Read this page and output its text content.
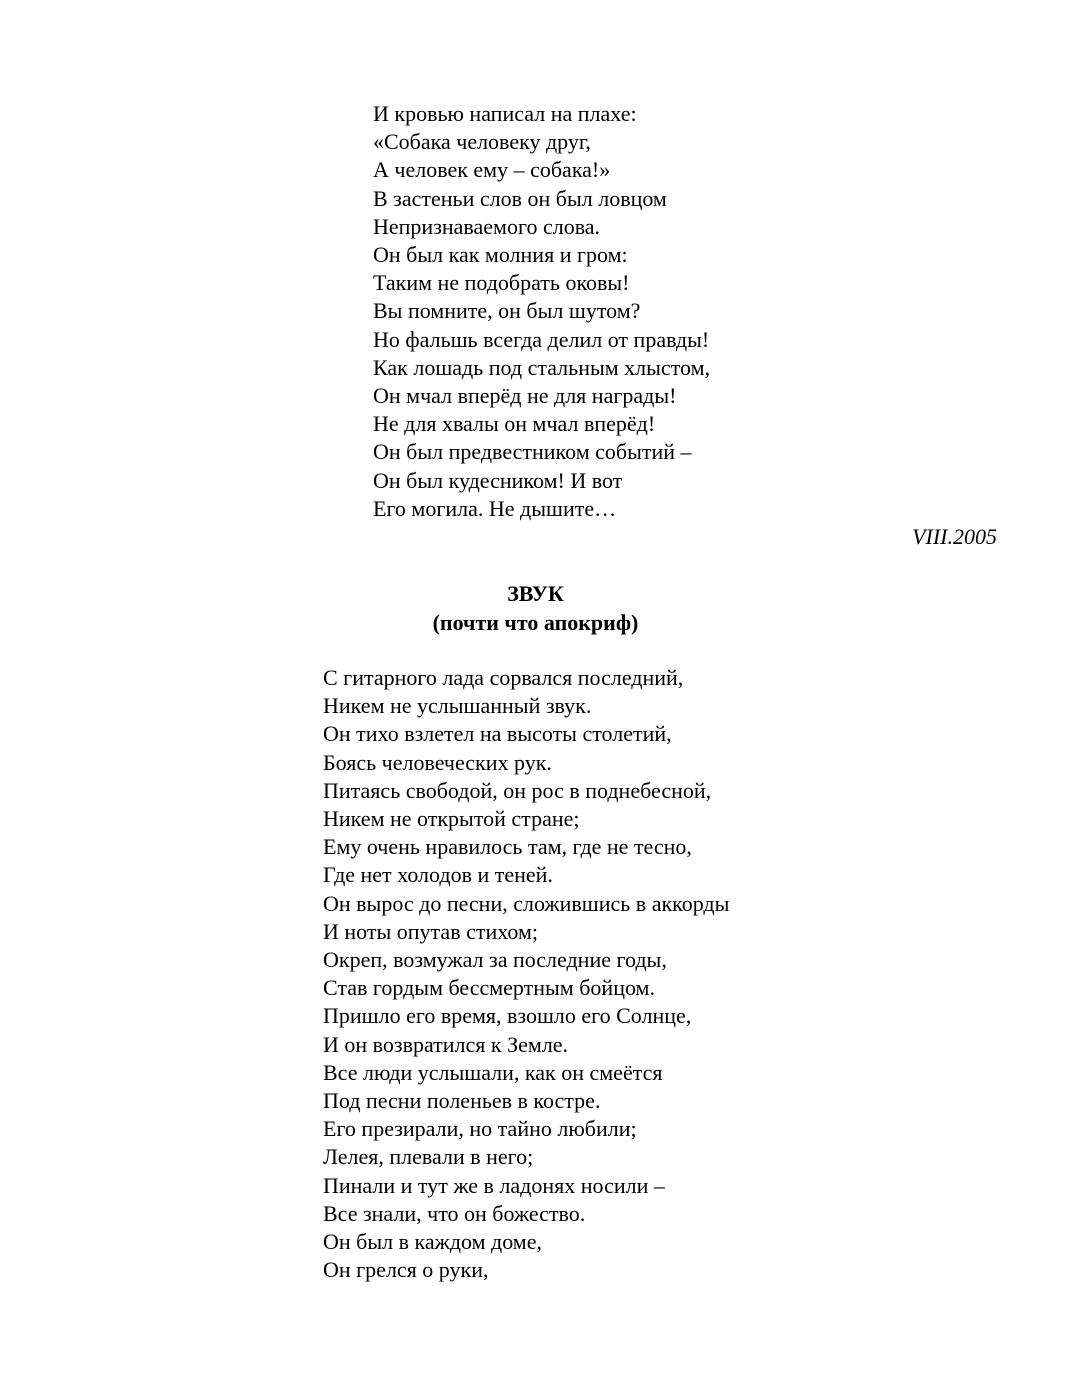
И кровью написал на плахе:
«Собака человеку друг,
А человек ему – собака!»
В застеньи слов он был ловцом
Непризнаваемого слова.
Он был как молния и гром:
Таким не подобрать оковы!
Вы помните, он был шутом?
Но фальшь всегда делил от правды!
Как лошадь под стальным хлыстом,
Он мчал вперёд не для награды!
Не для хвалы он мчал вперёд!
Он был предвестником событий –
Он был кудесником! И вот
Его могила. Не дышите…
VIII.2005
ЗВУК
(почти что апокриф)
С гитарного лада сорвался последний,
Никем не услышанный звук.
Он тихо взлетел на высоты столетий,
Боясь человеческих рук.
Питаясь свободой, он рос в поднебесной,
Никем не открытой стране;
Ему очень нравилось там, где не тесно,
Где нет холодов и теней.
Он вырос до песни, сложившись в аккорды
И ноты опутав стихом;
Окреп, возмужал за последние годы,
Став гордым бессмертным бойцом.
Пришло его время, взошло его Солнце,
И он возвратился к Земле.
Все люди услышали, как он смеётся
Под песни поленьев в костре.
Его презирали, но тайно любили;
Лелея, плевали в него;
Пинали и тут же в ладонях носили –
Все знали, что он божество.
Он был в каждом доме,
Он грелся о руки,
